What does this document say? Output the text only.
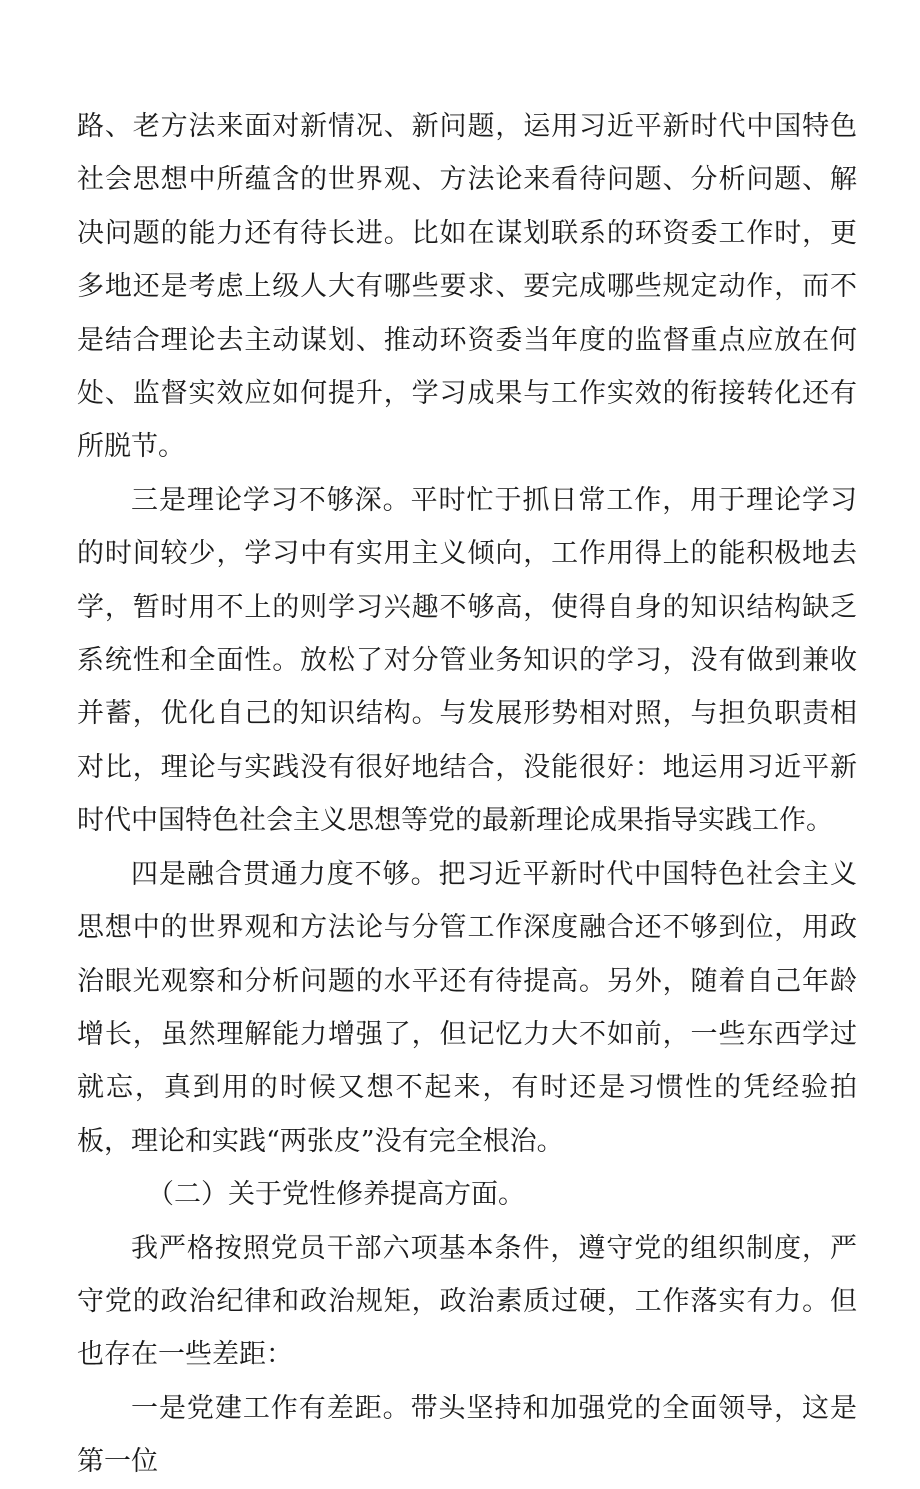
路、老方法来面对新情况、新问题，运用习近平新时代中国特色社会思想中所蕴含的世界观、方法论来看待问题、分析问题、解决问题的能力还有待长进。比如在谋划联系的环资委工作时，更多地还是考虑上级人大有哪些要求、要完成哪些规定动作，而不是结合理论去主动谋划、推动环资委当年度的监督重点应放在何处、监督实效应如何提升，学习成果与工作实效的衔接转化还有所脱节。

三是理论学习不够深。平时忙于抓日常工作，用于理论学习的时间较少，学习中有实用主义倾向，工作用得上的能积极地去学，暂时用不上的则学习兴趣不够高，使得自身的知识结构缺乏系统性和全面性。放松了对分管业务知识的学习，没有做到兼收并蓄，优化自己的知识结构。与发展形势相对照，与担负职责相对比，理论与实践没有很好地结合，没能很好：地运用习近平新时代中国特色社会主义思想等党的最新理论成果指导实践工作。

四是融合贯通力度不够。把习近平新时代中国特色社会主义思想中的世界观和方法论与分管工作深度融合还不够到位，用政治眼光观察和分析问题的水平还有待提高。另外，随着自己年龄增长，虽然理解能力增强了，但记忆力大不如前，一些东西学过就忘，真到用的时候又想不起来，有时还是习惯性的凭经验拍板，理论和实践“两张皮”没有完全根治。

（二）关于党性修养提高方面。

我严格按照党员干部六项基本条件，遵守党的组织制度，严守党的政治纪律和政治规矩，政治素质过硬，工作落实有力。但也存在一些差距：

一是党建工作有差距。带头坚持和加强党的全面领导，这是第一位
